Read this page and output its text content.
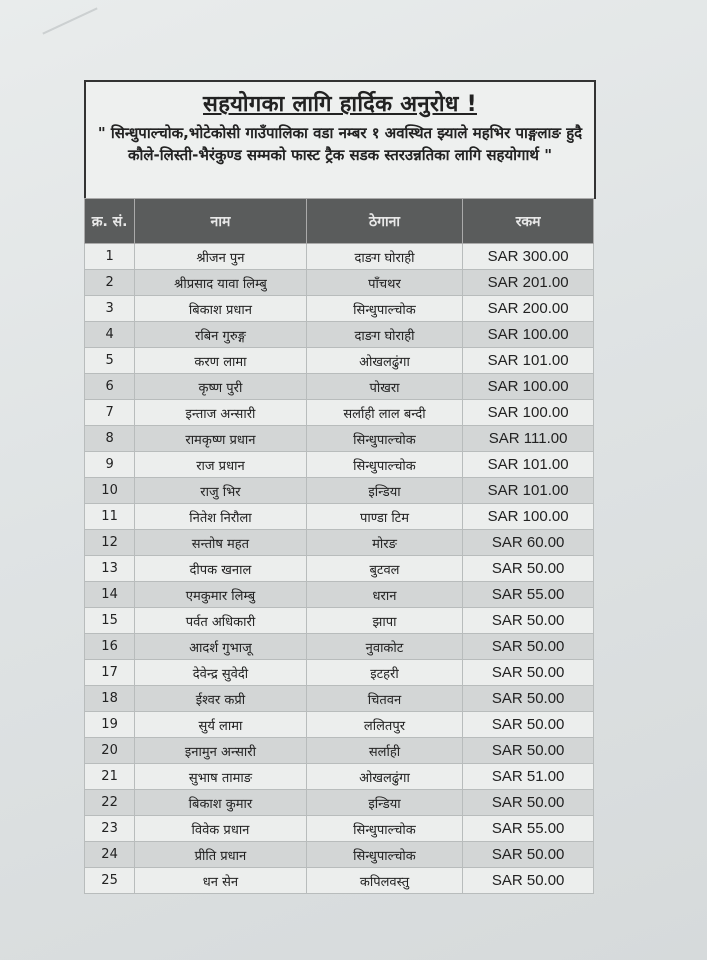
सहयोगका लागि हार्दिक अनुरोध !
" सिन्धुपाल्चोक,भोटेकोसी गाउँपालिका वडा नम्बर १ अवस्थित झ्याले महभिर पाङ्गलाङ हुदै कौले-लिस्ती-भैरंकुण्ड सम्मको फास्ट ट्रैक सडक स्तरउन्नतिका लागि सहयोगार्थ "
क्र. सं.	नाम	ठेगाना	रकम
1	श्रीजन पुन	दाङग घोराही	SAR 300.00
2	श्रीप्रसाद यावा लिम्बु	पाँचथर	SAR 201.00
3	बिकाश प्रधान	सिन्धुपाल्चोक	SAR 200.00
4	रबिन गुरुङ्ग	दाङग घोराही	SAR 100.00
5	करण लामा	ओखलढुंगा	SAR 101.00
6	कृष्ण पुरी	पोखरा	SAR 100.00
7	इन्ताज अन्सारी	सर्लाही लाल बन्दी	SAR 100.00
8	रामकृष्ण प्रधान	सिन्धुपाल्चोक	SAR 111.00
9	राज प्रधान	सिन्धुपाल्चोक	SAR 101.00
10	राजु भिर	इन्डिया	SAR 101.00
11	नितेश निरौला	पाण्डा टिम	SAR 100.00
12	सन्तोष महत	मोरङ	SAR 60.00
13	दीपक खनाल	बुटवल	SAR 50.00
14	एमकुमार लिम्बु	धरान	SAR 55.00
15	पर्वत अधिकारी	झापा	SAR 50.00
16	आदर्श गुभाजू	नुवाकोट	SAR 50.00
17	देवेन्द्र सुवेदी	इटहरी	SAR 50.00
18	ईश्वर कप्री	चितवन	SAR 50.00
19	सुर्य लामा	ललितपुर	SAR 50.00
20	इनामुन अन्सारी	सर्लाही	SAR 50.00
21	सुभाष तामाङ	ओखलढुंगा	SAR 51.00
22	बिकाश कुमार	इन्डिया	SAR 50.00
23	विवेक प्रधान	सिन्धुपाल्चोक	SAR 55.00
24	प्रीति प्रधान	सिन्धुपाल्चोक	SAR 50.00
25	धन सेन	कपिलवस्तु	SAR 50.00
